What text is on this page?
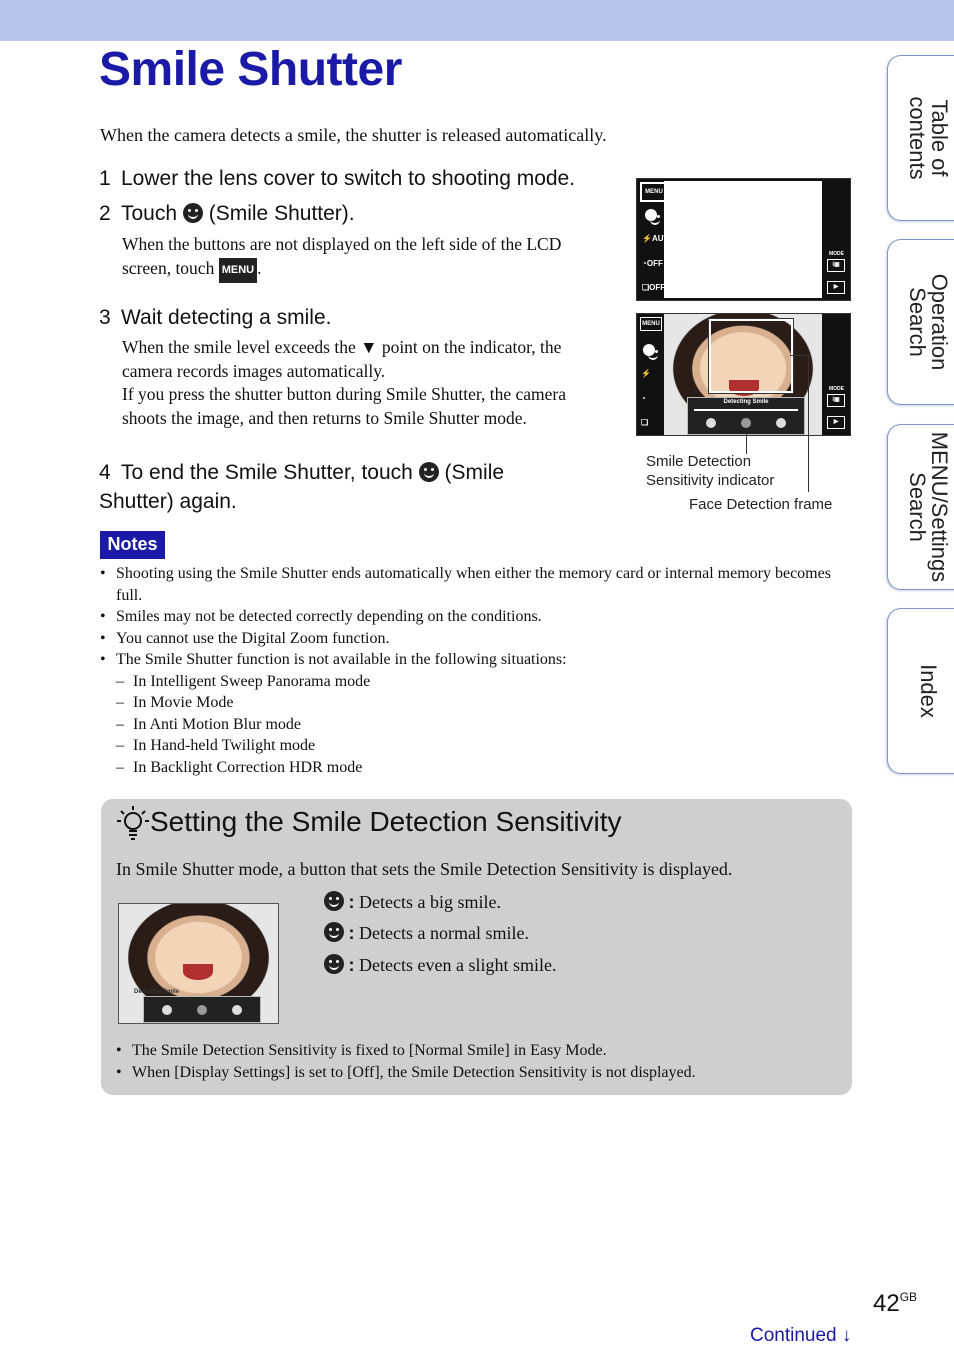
Smile Shutter
When the camera detects a smile, the shutter is released automatically.
1 Lower the lens cover to switch to shooting mode.
2 Touch (Smile Shutter).
When the buttons are not displayed on the left side of the LCD screen, touch MENU .
3 Wait detecting a smile.
When the smile level exceeds the ▼ point on the indicator, the camera records images automatically.
If you press the shutter button during Smile Shutter, the camera shoots the image, and then returns to Smile Shutter mode.
4 To end the Smile Shutter, touch (Smile Shutter) again.
MENU
⚡AUTO
◔OFF
❏OFF
MODE
i▣
▶
MENU
⚡
◔
❏
MODE
i▣
▶
Detecting Smile
Smile Detection Sensitivity indicator
Face Detection frame
Notes
• Shooting using the Smile Shutter ends automatically when either the memory card or internal memory becomes full.
• Smiles may not be detected correctly depending on the conditions.
• You cannot use the Digital Zoom function.
• The Smile Shutter function is not available in the following situations:
– In Intelligent Sweep Panorama mode
– In Movie Mode
– In Anti Motion Blur mode
– In Hand-held Twilight mode
– In Backlight Correction HDR mode
Setting the Smile Detection Sensitivity
In Smile Shutter mode, a button that sets the Smile Detection Sensitivity is displayed.
Detecting Smile
: Detects a big smile.
: Detects a normal smile.
: Detects even a slight smile.
• The Smile Detection Sensitivity is fixed to [Normal Smile] in Easy Mode.
• When [Display Settings] is set to [Off], the Smile Detection Sensitivity is not displayed.
Table of contents
Operation Search
MENU/Settings Search
Index
$42^{GB}$
Continued ↓
